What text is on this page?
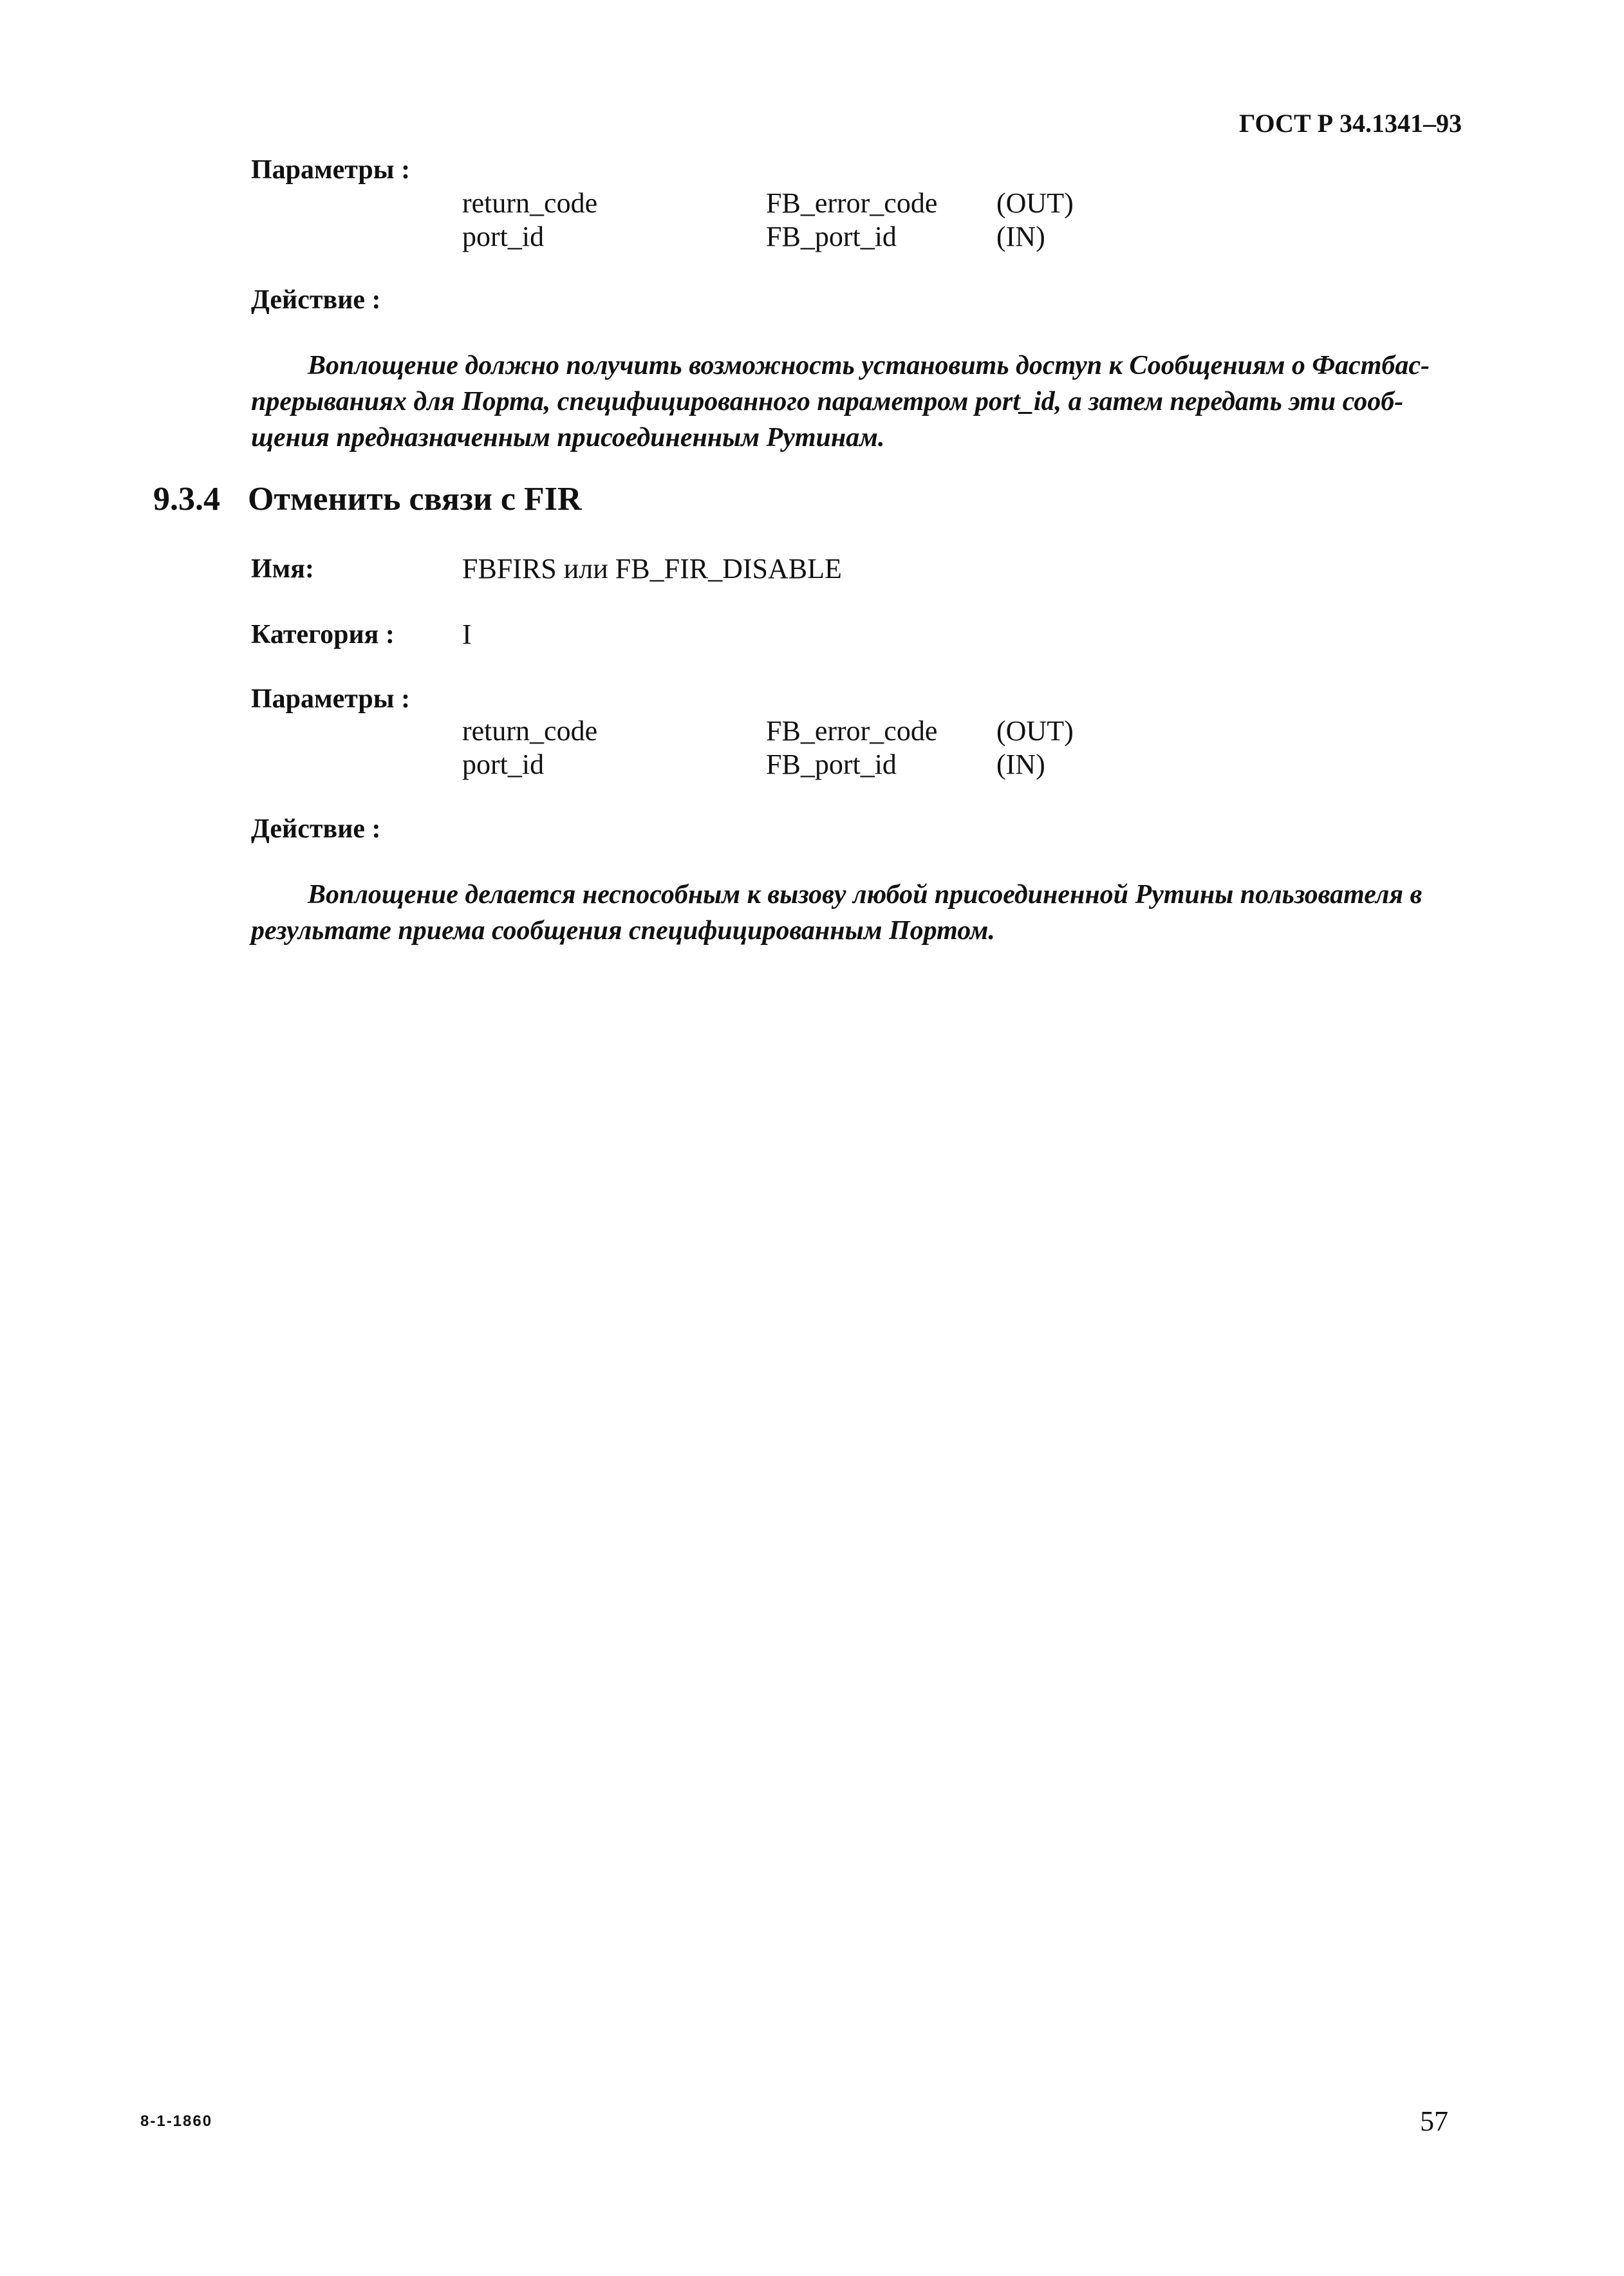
ГОСТ Р 34.1341–93
Параметры :
return_code	FB_error_code (OUT)
port_id	FB_port_id	(IN)
Действие :
Воплощение должно получить возможность установить доступ к Сообщениям о Фастбас-
прерываниях для Порта, специфицированного параметром port_id, а затем передать эти сооб-
щения предназначенным присоединенным Рутинам.
9.3.4 Отменить связи с FIR
Имя:	FBFIRS или FB_FIR_DISABLE
Категория : I
Параметры :
return_code	FB_error_code (OUT)
port_id	FB_port_id	(IN)
Действие :
Воплощение делается неспособным к вызову любой присоединенной Рутины пользователя в
результате приема сообщения специфицированным Портом.
8-1-1860	57
